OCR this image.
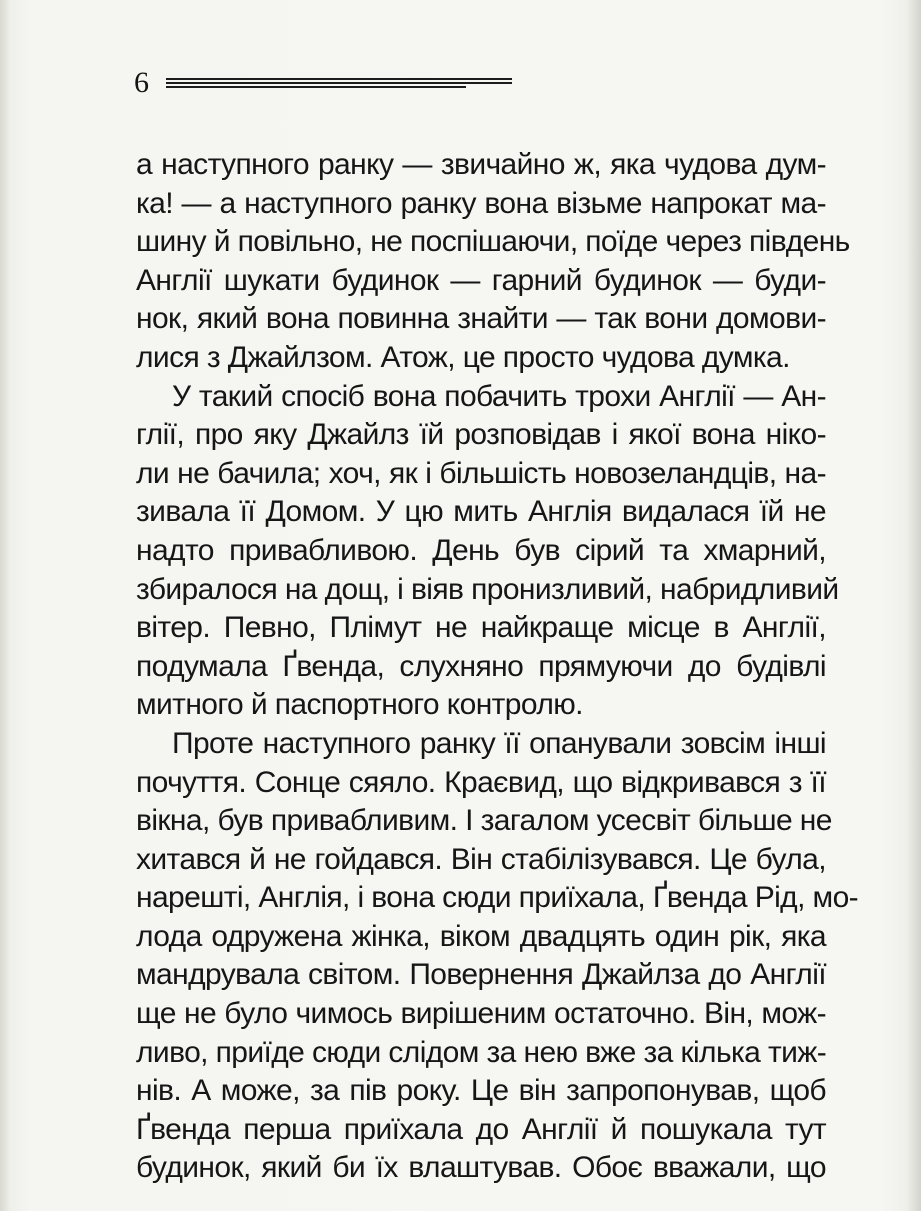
6
а наступного ранку — звичайно ж, яка чудова дум-
ка! — а наступного ранку вона візьме напрокат ма-
шину й повільно, не поспішаючи, поїде через південь
Англії шукати будинок — гарний будинок — буди-
нок, який вона повинна знайти — так вони домови-
лися з Джайлзом. Атож, це просто чудова думка.
У такий спосіб вона побачить трохи Англії — Ан-
глії, про яку Джайлз їй розповідав і якої вона ніко-
ли не бачила; хоч, як і більшість новозеландців, на-
зивала її Домом. У цю мить Англія видалася їй не
надто привабливою. День був сірий та хмарний,
збиралося на дощ, і віяв пронизливий, набридливий
вітер. Певно, Плімут не найкраще місце в Англії,
подумала Ґвенда, слухняно прямуючи до будівлі
митного й паспортного контролю.
Проте наступного ранку її опанували зовсім інші
почуття. Сонце сяяло. Краєвид, що відкривався з її
вікна, був привабливим. І загалом усесвіт більше не
хитався й не гойдався. Він стабілізувався. Це була,
нарешті, Англія, і вона сюди приїхала, Ґвенда Рід, мо-
лода одружена жінка, віком двадцять один рік, яка
мандрувала світом. Повернення Джайлза до Англії
ще не було чимось вирішеним остаточно. Він, мож-
ливо, приїде сюди слідом за нею вже за кілька тиж-
нів. А може, за пів року. Це він запропонував, щоб
Ґвенда перша приїхала до Англії й пошукала тут
будинок, який би їх влаштував. Обоє вважали, що
